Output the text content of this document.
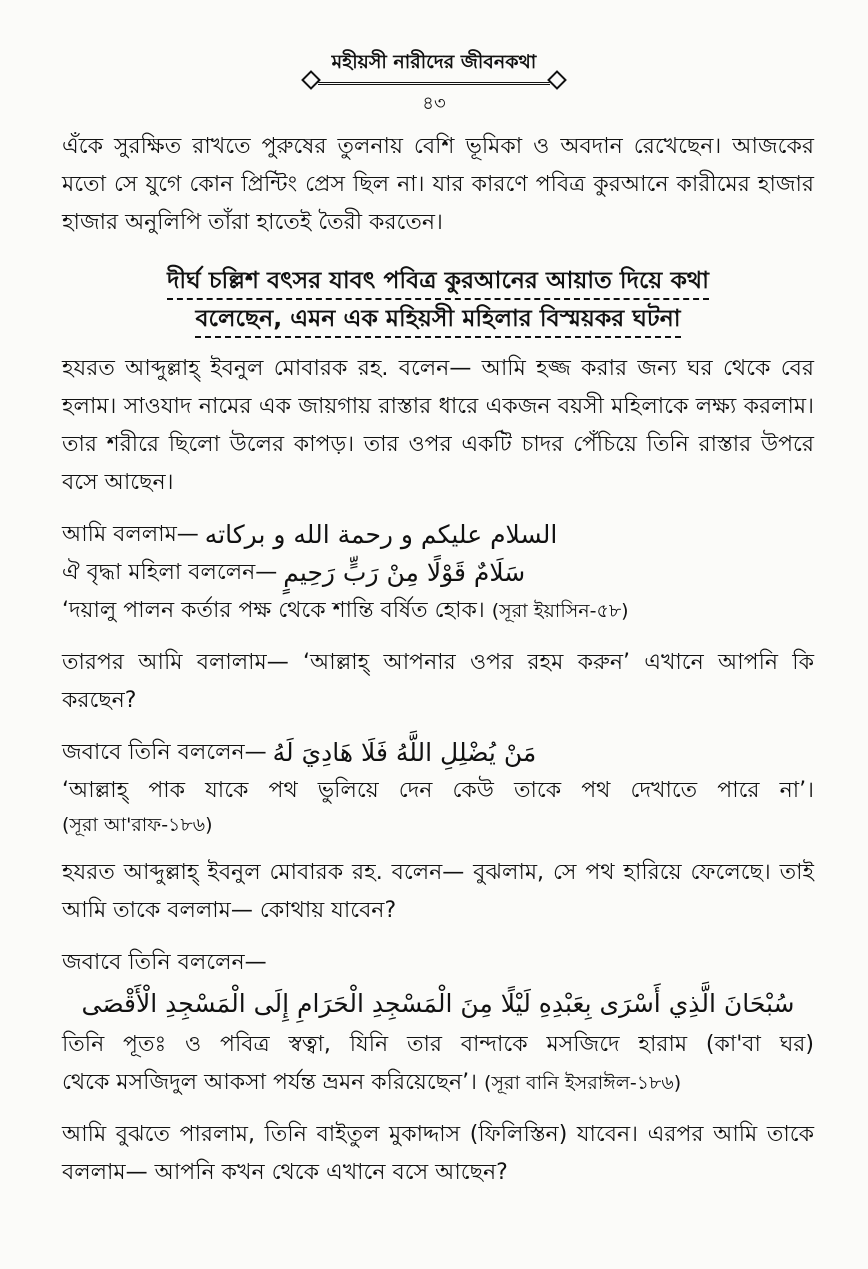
মহীয়সী নারীদের জীবনকথা
৪৩

এঁকে সুরক্ষিত রাখতে পুরুষের তুলনায় বেশি ভূমিকা ও অবদান রেখেছেন। আজকের মতো সে যুগে কোন প্রিন্টিং প্রেস ছিল না। যার কারণে পবিত্র কুরআনে কারীমের হাজার হাজার অনুলিপি তাঁরা হাতেই তৈরী করতেন।

দীর্ঘ চল্লিশ বৎসর যাবৎ পবিত্র কুরআনের আয়াত দিয়ে কথা
বলেছেন, এমন এক মহিয়সী মহিলার বিস্ময়কর ঘটনা

হযরত আব্দুল্লাহ্ ইবনুল মোবারক রহ. বলেন— আমি হজ্জ করার জন্য ঘর থেকে বের হলাম। সাওযাদ নামের এক জায়গায় রাস্তার ধারে একজন বয়সী মহিলাকে লক্ষ্য করলাম। তার শরীরে ছিলো উলের কাপড়। তার ওপর একটি চাদর পেঁচিয়ে তিনি রাস্তার উপরে বসে আছেন।

আমি বললাম— السلام عليكم و رحمة الله و بركاته
ঐ বৃদ্ধা মহিলা বললেন— سَلَامٌ قَوْلًا مِنْ رَبٍّ رَحِيمٍ

‘দয়ালু পালন কর্তার পক্ষ থেকে শান্তি বর্ষিত হোক। (সূরা ইয়াসিন-৫৮)

তারপর আমি বলালাম— ‘আল্লাহ্ আপনার ওপর রহম করুন’ এখানে আপনি কি করছেন?

জবাবে তিনি বললেন— مَنْ يُضْلِلِ اللَّهُ فَلَا هَادِيَ لَهُ

‘আল্লাহ্ পাক যাকে পথ ভুলিয়ে দেন কেউ তাকে পথ দেখাতে পারে না’।

(সূরা আ'রাফ-১৮৬)

হযরত আব্দুল্লাহ্ ইবনুল মোবারক রহ. বলেন— বুঝলাম, সে পথ হারিয়ে ফেলেছে। তাই আমি তাকে বললাম— কোথায় যাবেন?

জবাবে তিনি বললেন—

سُبْحَانَ الَّذِي أَسْرَى بِعَبْدِهِ لَيْلًا مِنَ الْمَسْجِدِ الْحَرَامِ إِلَى الْمَسْجِدِ الْأَقْصَى

তিনি পূতঃ ও পবিত্র স্বত্বা, যিনি তার বান্দাকে মসজিদে হারাম (কা'বা ঘর)

থেকে মসজিদুল আকসা পর্যন্ত ভ্রমন করিয়েছেন’। (সূরা বানি ইসরাঈল-১৮৬)

আমি বুঝতে পারলাম, তিনি বাইতুল মুকাদ্দাস (ফিলিস্তিন) যাবেন। এরপর আমি তাকে বললাম— আপনি কখন থেকে এখানে বসে আছেন?
